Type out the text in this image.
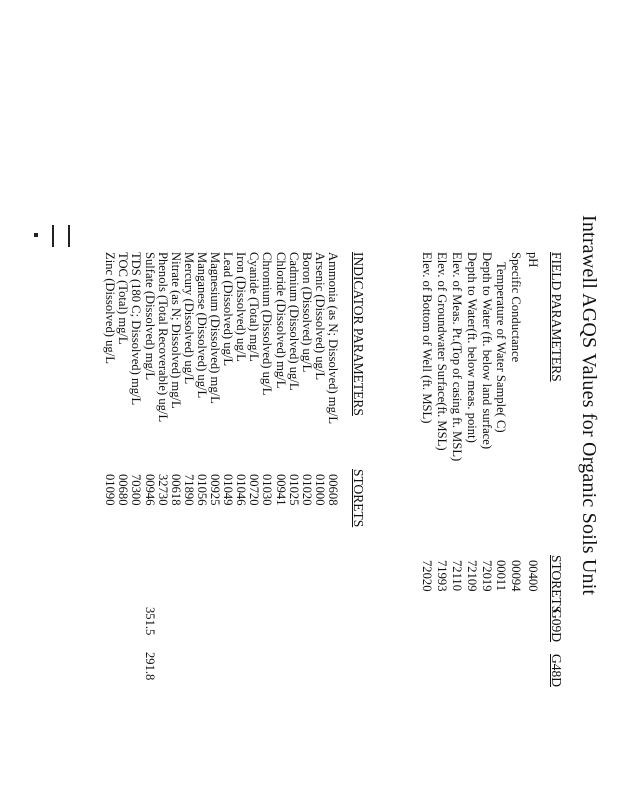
Intrawell AGQS Values for Organic Soils Unit
FIELD PARAMETERS
STORETS
G09D
G48D
pH
00400
Specific Conductance
00094
Temperature of Water Sample( C)
00011
Depth to Water (ft. below land surface)
72019
Depth to Water(ft. below meas. point)
72109
Elev. of Meas. Pt.(Top of casing ft. MSL)
72110
Elev. of Groundwater Surface(ft. MSL)
71993
Elev. of Bottom of Well (ft. MSL)
72020
INDICATOR PARAMETERS
STORETS
Ammonia (as N; Dissolved) mg/L
00608
Arsenic (Dissolved) ug/L
01000
Boron (Dissolved) ug/L
01020
Cadmium (Dissolved) ug/L
01025
Chloride (Dissolved) mg/L
00941
Chromium (Dissolved) ug/L
01030
Cyanide (Total) mg/L
00720
Iron (Dissolved) ug/L
01046
Lead (Dissolved) ug/L
01049
Magnesium (Dissolved) mg/L
00925
Manganese (Dissolved) ug/L
01056
Mercury (Dissolved) ug/L
71890
Nitrate (as N; Dissolved) mg/L
00618
Phenols (Total Recoverable) ug/L
32730
Sulfate (Dissolved) mg/L
00946
351.5
291.8
TDS (180 C; Dissolved) mg/L
70300
TOC (Total) mg/L
00680
Zinc (Dissolved) ug/L
01090
